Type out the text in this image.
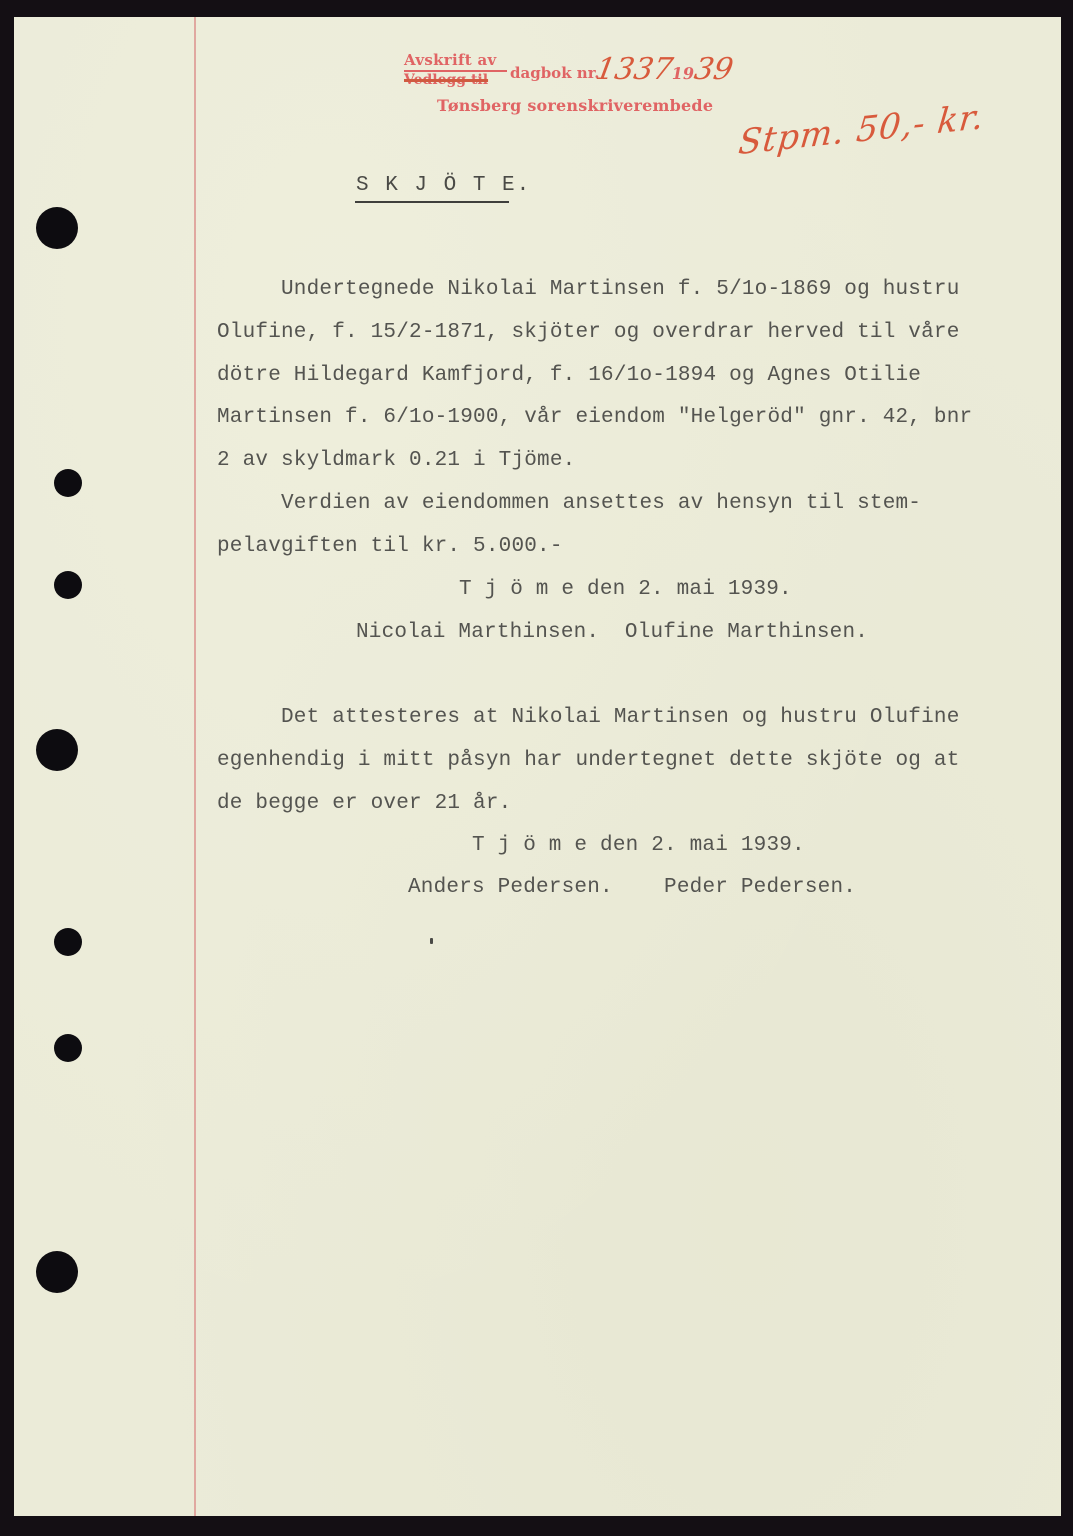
Avskrift av
Vedlegg til dagbok nr.
13371939
Tønsberg sorenskriverembede Stpm. 50,- kr.
S K J Ö T E.
Undertegnede Nikolai Martinsen f. 5/1o-1869 og hustru
Olufine, f. 15/2-1871, skjöter og overdrar herved til våre
dötre Hildegard Kamfjord, f. 16/1o-1894 og Agnes Otilie
Martinsen f. 6/1o-1900, vår eiendom "Helgeröd" gnr. 42, bnr
2 av skyldmark 0.21 i Tjöme.
Verdien av eiendommen ansettes av hensyn til stem-
pelavgiften til kr. 5.000.-
T j ö m e den 2. mai 1939.
Nicolai Marthinsen.  Olufine Marthinsen.
Det attesteres at Nikolai Martinsen og hustru Olufine
egenhendig i mitt påsyn har undertegnet dette skjöte og at
de begge er over 21 år.
T j ö m e den 2. mai 1939.
Anders Pedersen.    Peder Pedersen.
